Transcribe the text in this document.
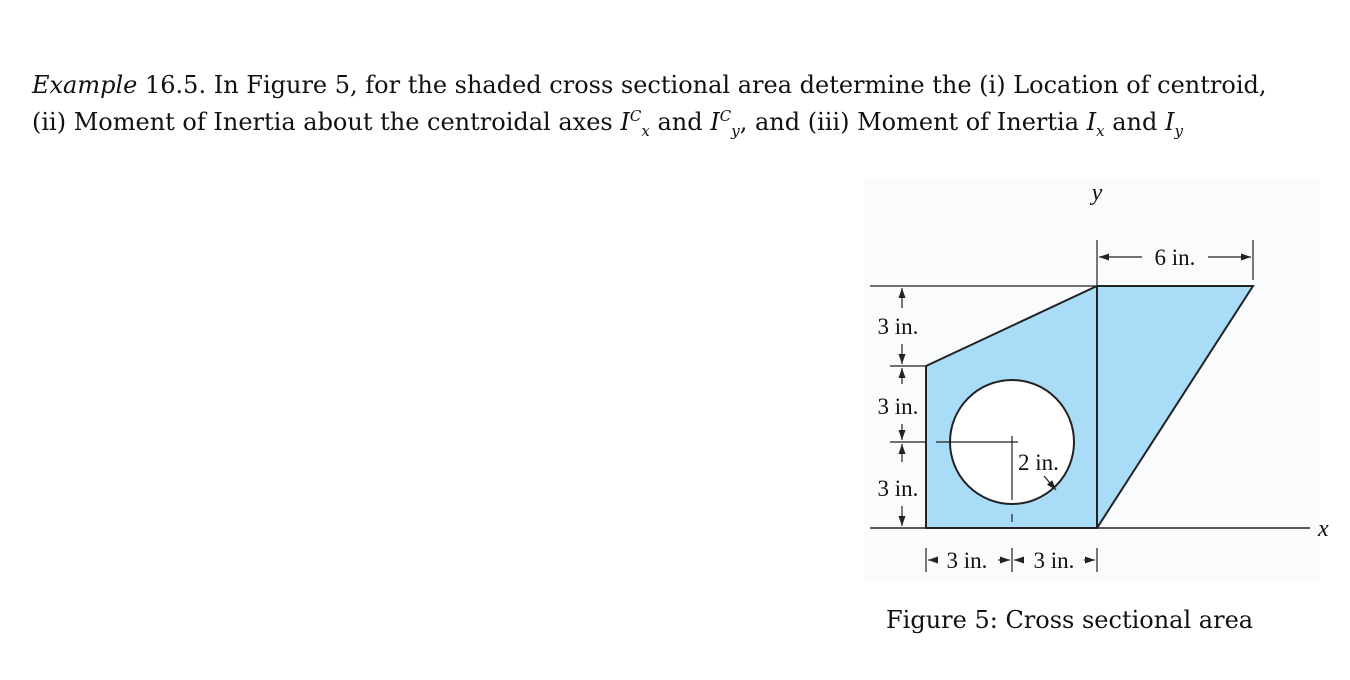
Example 16.5. In Figure 5, for the shaded cross sectional area determine the (i) Location of centroid,
(ii) Moment of Inertia about the centroidal axes $I^C_x$ and $I^C_y$, and (iii) Moment of Inertia $I_x$ and $I_y$
6 in.
3 in.
3 in.
3 in.
3 in. 3 in.
2 in.
y
x
Figure 5: Cross sectional area
